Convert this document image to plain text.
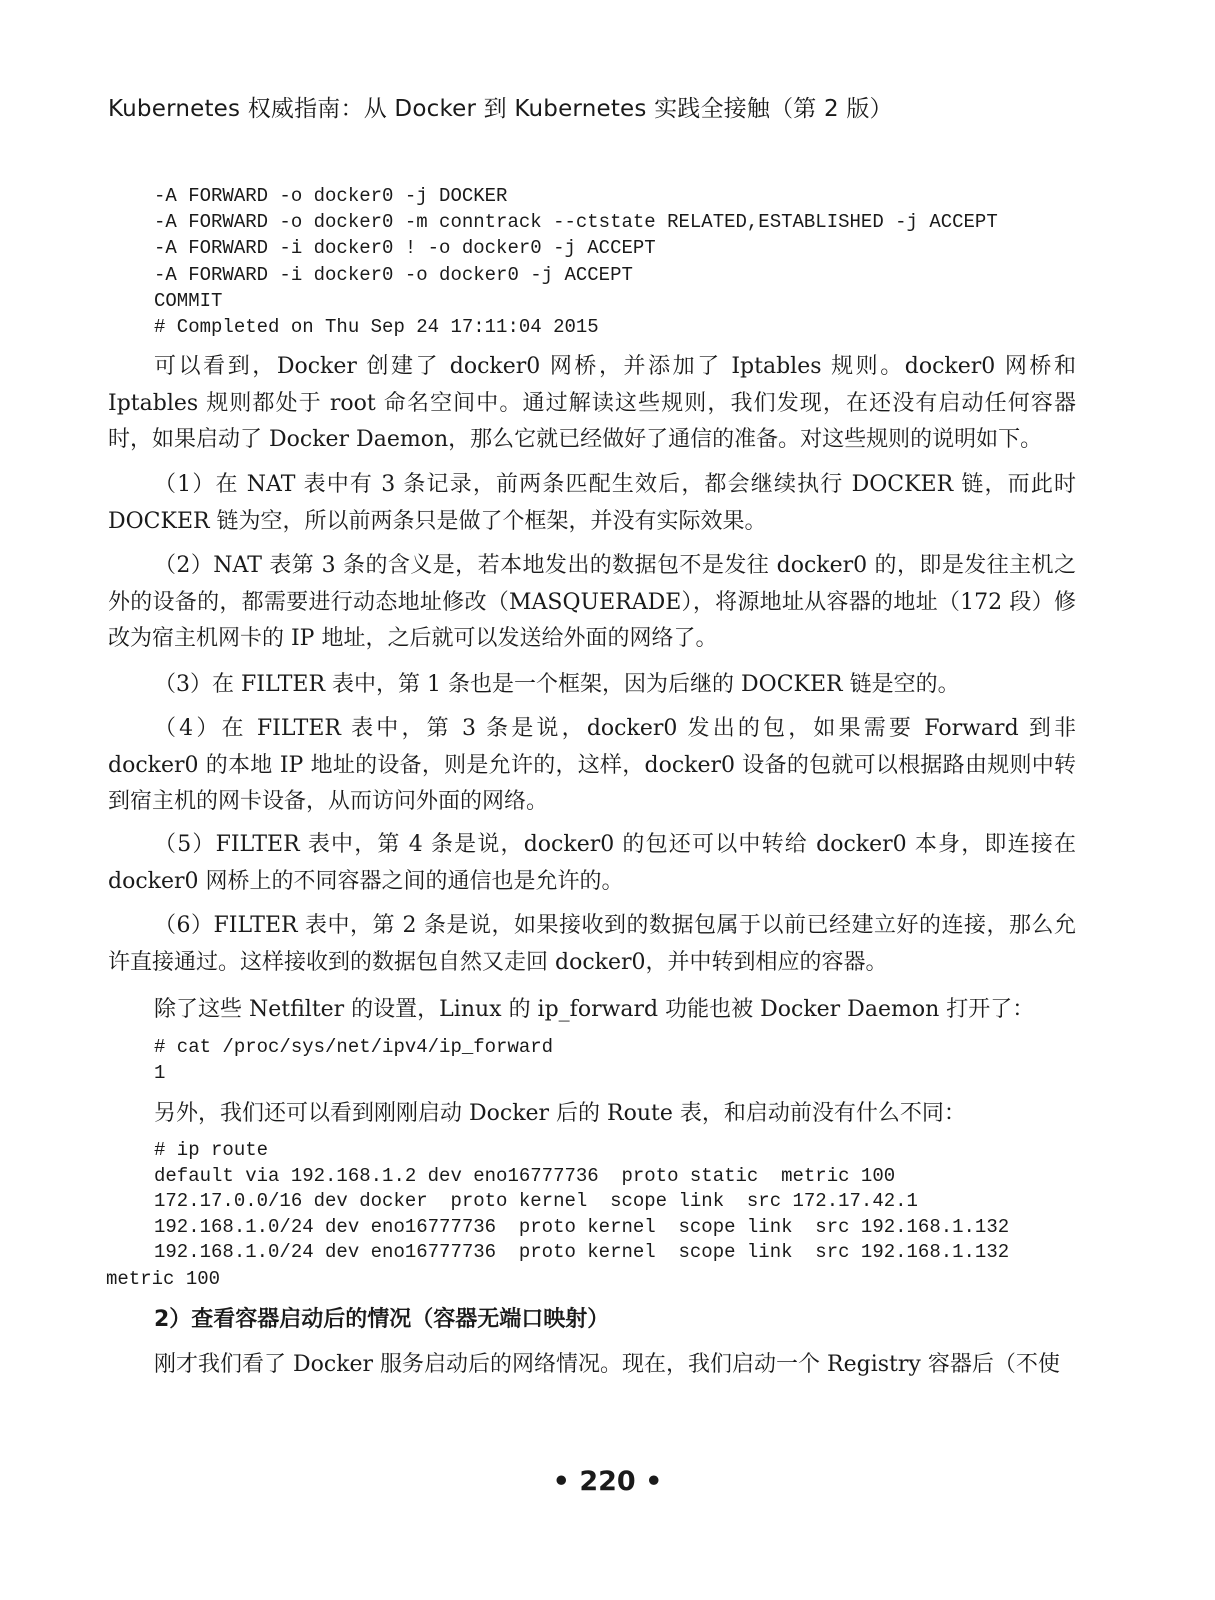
Kubernetes 权威指南：从 Docker 到 Kubernetes 实践全接触（第 2 版）
-A FORWARD -o docker0 -j DOCKER
-A FORWARD -o docker0 -m conntrack --ctstate RELATED,ESTABLISHED -j ACCEPT
-A FORWARD -i docker0 ! -o docker0 -j ACCEPT
-A FORWARD -i docker0 -o docker0 -j ACCEPT
COMMIT
# Completed on Thu Sep 24 17:11:04 2015

可以看到，Docker 创建了 docker0 网桥，并添加了 Iptables 规则。docker0 网桥和 Iptables 规则都处于 root 命名空间中。通过解读这些规则，我们发现，在还没有启动任何容器时，如果启动了 Docker Daemon，那么它就已经做好了通信的准备。对这些规则的说明如下。

（1）在 NAT 表中有 3 条记录，前两条匹配生效后，都会继续执行 DOCKER 链，而此时 DOCKER 链为空，所以前两条只是做了个框架，并没有实际效果。

（2）NAT 表第 3 条的含义是，若本地发出的数据包不是发往 docker0 的，即是发往主机之外的设备的，都需要进行动态地址修改（MASQUERADE），将源地址从容器的地址（172 段）修改为宿主机网卡的 IP 地址，之后就可以发送给外面的网络了。

（3）在 FILTER 表中，第 1 条也是一个框架，因为后继的 DOCKER 链是空的。

（4）在 FILTER 表中，第 3 条是说，docker0 发出的包，如果需要 Forward 到非 docker0 的本地 IP 地址的设备，则是允许的，这样，docker0 设备的包就可以根据路由规则中转到宿主机的网卡设备，从而访问外面的网络。

（5）FILTER 表中，第 4 条是说，docker0 的包还可以中转给 docker0 本身，即连接在 docker0 网桥上的不同容器之间的通信也是允许的。

（6）FILTER 表中，第 2 条是说，如果接收到的数据包属于以前已经建立好的连接，那么允许直接通过。这样接收到的数据包自然又走回 docker0，并中转到相应的容器。

除了这些 Netfilter 的设置，Linux 的 ip_forward 功能也被 Docker Daemon 打开了：

# cat /proc/sys/net/ipv4/ip_forward
1

另外，我们还可以看到刚刚启动 Docker 后的 Route 表，和启动前没有什么不同：

# ip route
default via 192.168.1.2 dev eno16777736  proto static  metric 100
172.17.0.0/16 dev docker  proto kernel  scope link  src 172.17.42.1
192.168.1.0/24 dev eno16777736  proto kernel  scope link  src 192.168.1.132
192.168.1.0/24 dev eno16777736  proto kernel  scope link  src 192.168.1.132
metric 100

2）查看容器启动后的情况（容器无端口映射）

刚才我们看了 Docker 服务启动后的网络情况。现在，我们启动一个 Registry 容器后（不使

• 220 •
